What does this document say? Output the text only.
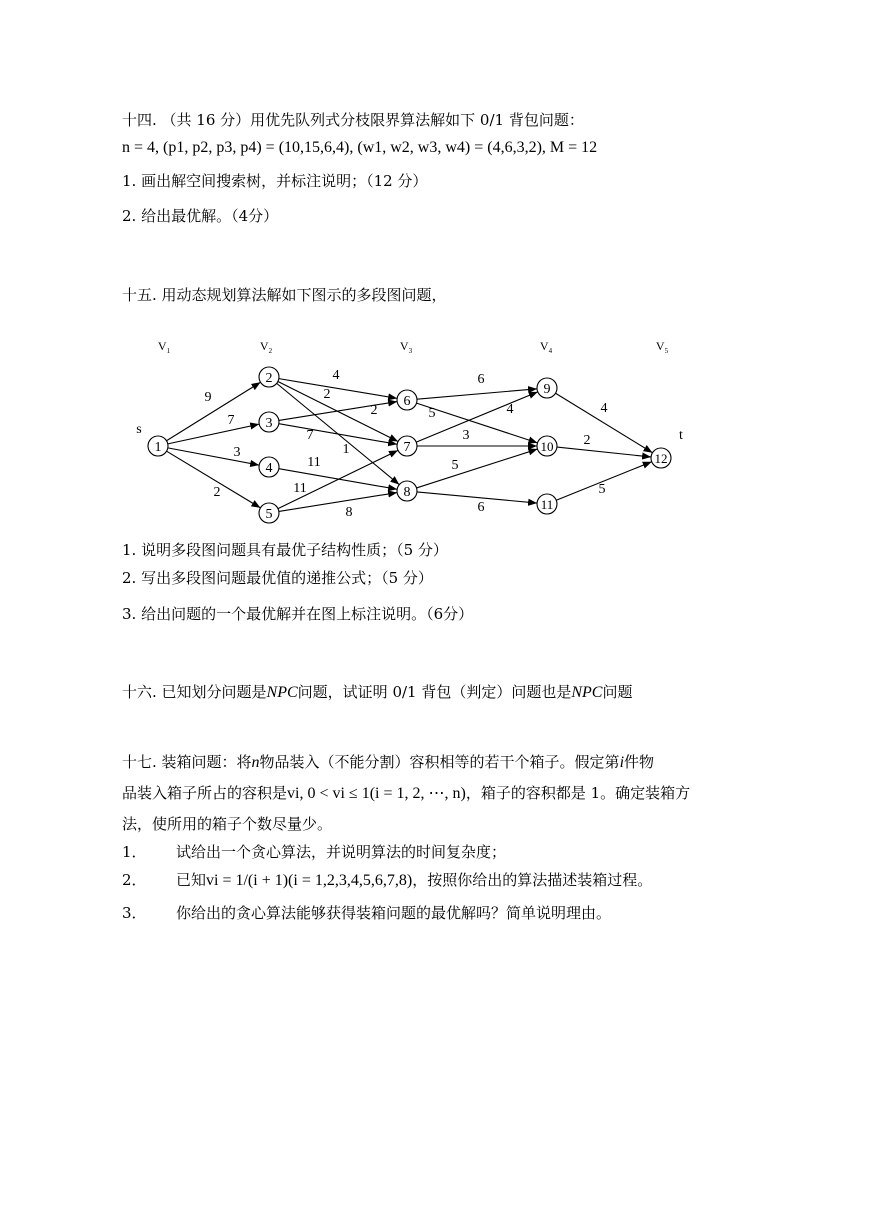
十四. （共 16 分）用优先队列式分枝限界算法解如下 0/1 背包问题：
n = 4, (p1, p2, p3, p4) = (10,15,6,4), (w1, w2, w3, w4) = (4,6,3,2), M = 12
1. 画出解空间搜索树，并标注说明；（12 分）
2. 给出最优解。（4分）
十五. 用动态规划算法解如下图示的多段图问题，
9
7
3
2
4
2
1
2
7
11
11
8
6
5	4
3
5
6
4
2
5
1
2
3
4
5
6
7
8
9
10
11
12
$V_1$	$V_2$	$V_3$	$V_4$	$V_5$
s	t
1. 说明多段图问题具有最优子结构性质；（5 分）
2. 写出多段图问题最优值的递推公式；（5 分）
3. 给出问题的一个最优解并在图上标注说明。（6分）
十六. 已知划分问题是NPC问题，试证明 0/1 背包（判定）问题也是NPC问题
十七. 装箱问题：将n物品装入（不能分割）容积相等的若干个箱子。假定第i件物
品装入箱子所占的容积是vi, 0 < vi ≤ 1(i = 1, 2, ⋯, n)，箱子的容积都是 1。确定装箱方
法，使所用的箱子个数尽量少。
1． 试给出一个贪心算法，并说明算法的时间复杂度；
2． 已知vi = 1/(i + 1)(i = 1,2,3,4,5,6,7,8)，按照你给出的算法描述装箱过程。
3． 你给出的贪心算法能够获得装箱问题的最优解吗？简单说明理由。
